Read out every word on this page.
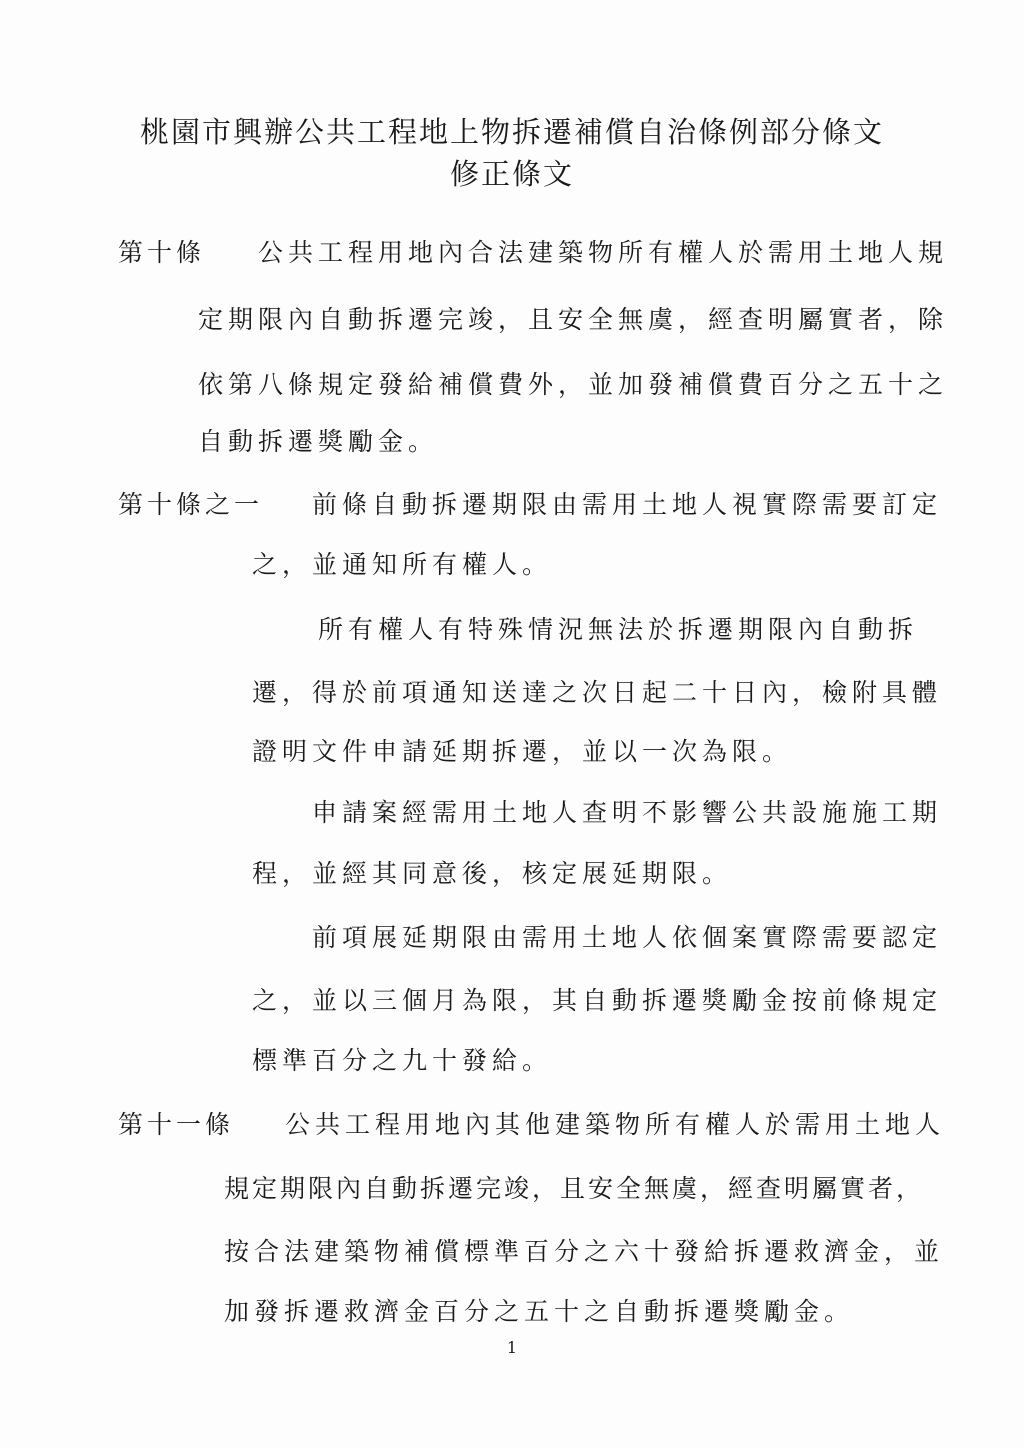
桃園市興辦公共工程地上物拆遷補償自治條例部分條文
修正條文
第十條 公共工程用地內合法建築物所有權人於需用土地人規
定期限內自動拆遷完竣，且安全無虞，經查明屬實者，除
依第八條規定發給補償費外，並加發補償費百分之五十之
自動拆遷獎勵金。
第十條之一 前條自動拆遷期限由需用土地人視實際需要訂定
之，並通知所有權人。
所有權人有特殊情況無法於拆遷期限內自動拆
遷，得於前項通知送達之次日起二十日內，檢附具體
證明文件申請延期拆遷，並以一次為限。
申請案經需用土地人查明不影響公共設施施工期
程，並經其同意後，核定展延期限。
前項展延期限由需用土地人依個案實際需要認定
之，並以三個月為限，其自動拆遷獎勵金按前條規定
標準百分之九十發給。
第十一條 公共工程用地內其他建築物所有權人於需用土地人
規定期限內自動拆遷完竣，且安全無虞，經查明屬實者，
按合法建築物補償標準百分之六十發給拆遷救濟金，並
加發拆遷救濟金百分之五十之自動拆遷獎勵金。
1
